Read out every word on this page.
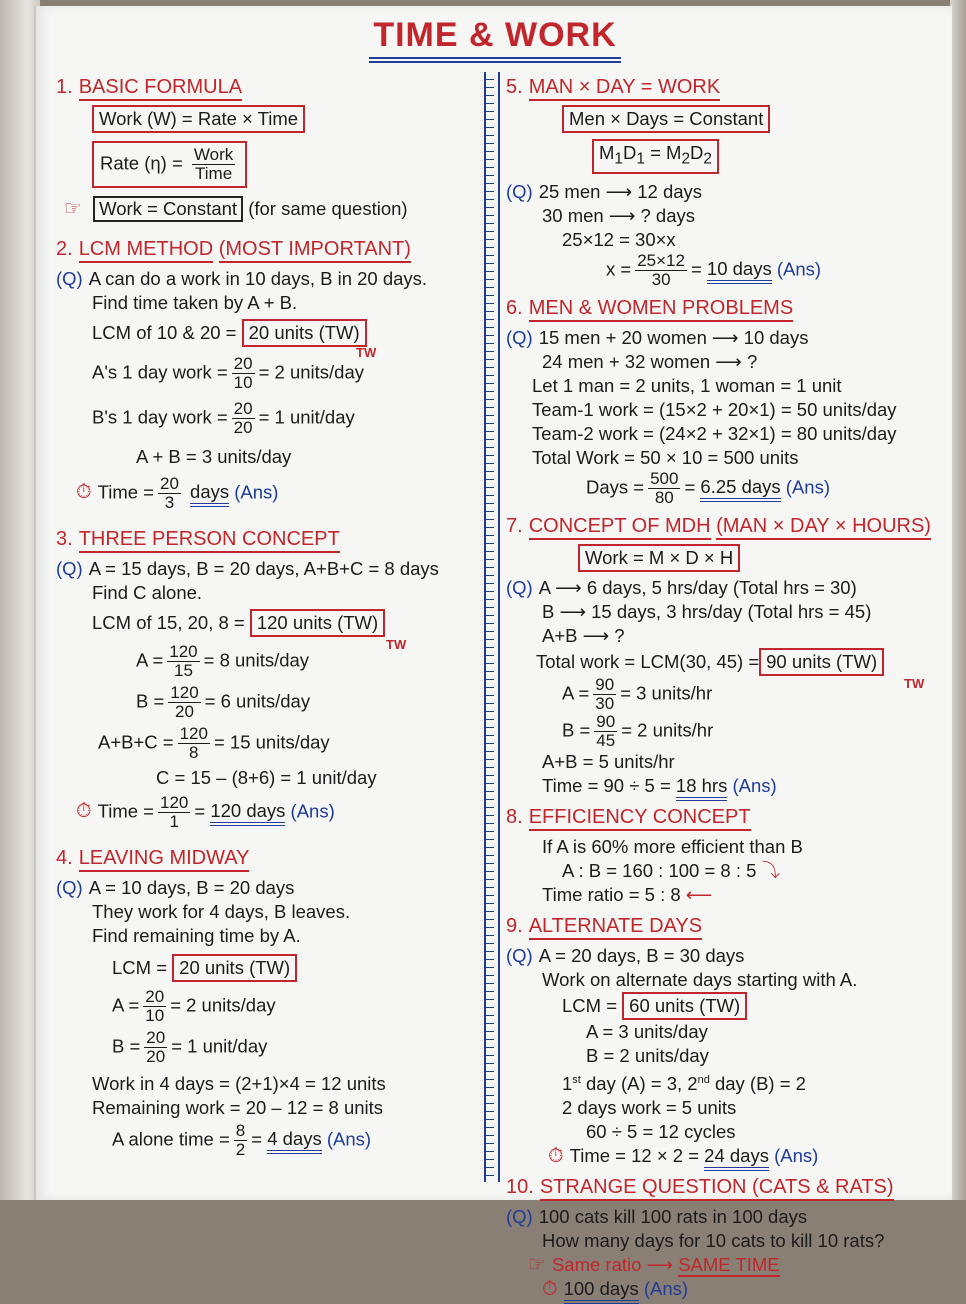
TIME & WORK
1. BASIC FORMULA
Work (W) = Rate × Time
Rate $(\eta) = \frac{\text{Work}}{\text{Time}}$
☞ Work = Constant (for same question)
2. LCM METHOD (MOST IMPORTANT)
(Q) A can do a work in 10 days, B in 20 days.
Find time taken by A + B.
LCM of 10 & 20 = 20 units (TW)
TW
A's 1 day work = $\frac{20}{10} = 2$ units/day
B's 1 day work = $\frac{20}{20} = 1$ unit/day
A + B = 3 units/day
⏱ Time = $\frac{20}{3}$ days (Ans)
3. THREE PERSON CONCEPT
(Q) A = 15 days, B = 20 days, A+B+C = 8 days
Find C alone.
LCM of 15, 20, 8 = 120 units (TW)
TW
$A = \frac{120}{15} = 8$ units/day
$B = \frac{120}{20} = 6$ units/day
$A+B+C = \frac{120}{8} = 15$ units/day
C = 15 – (8+6) = 1 unit/day
⏱ Time = $\frac{120}{1} = 120$ days (Ans)
4. LEAVING MIDWAY
(Q) A = 10 days, B = 20 days
They work for 4 days, B leaves.
Find remaining time by A.
LCM = 20 units (TW)
$A = \frac{20}{10} = 2$ units/day
$B = \frac{20}{20} = 1$ unit/day
Work in 4 days = (2+1)×4 = 12 units
Remaining work = 20 – 12 = 8 units
A alone time = $\frac{8}{2} = 4$ days (Ans)
5. MAN × DAY = WORK
Men × Days = Constant
$M_1D_1 = M_2D_2$
(Q) 25 men ⟶ 12 days
30 men ⟶ ? days
25×12 = 30×x
$x = \frac{25\times 12}{30} = 10$ days (Ans)
6. MEN & WOMEN PROBLEMS
(Q) 15 men + 20 women ⟶ 10 days
24 men + 32 women ⟶ ?
Let 1 man = 2 units, 1 woman = 1 unit
Team-1 work = (15×2 + 20×1) = 50 units/day
Team-2 work = (24×2 + 32×1) = 80 units/day
Total Work = 50 × 10 = 500 units
Days = $\frac{500}{80} = 6.25$ days (Ans)
7. CONCEPT OF MDH (MAN × DAY × HOURS)
Work = M × D × H
(Q) A ⟶ 6 days, 5 hrs/day (Total hrs = 30)
B ⟶ 15 days, 3 hrs/day (Total hrs = 45)
A+B ⟶ ?
Total work = LCM(30, 45) = 90 units (TW)
TW
$A = \frac{90}{30} = 3$ units/hr
$B = \frac{90}{45} = 2$ units/hr
A+B = 5 units/hr
Time = 90 ÷ 5 = 18 hrs (Ans)
8. EFFICIENCY CONCEPT
If A is 60% more efficient than B
A : B = 160 : 100 = 8 : 5 ⤵
Time ratio = 5 : 8 ⟵
9. ALTERNATE DAYS
(Q) A = 20 days, B = 30 days
Work on alternate days starting with A.
LCM = 60 units (TW)
A = 3 units/day
B = 2 units/day
1st day (A) = 3, 2nd day (B) = 2
2 days work = 5 units
60 ÷ 5 = 12 cycles
⏱ Time = 12 × 2 = 24 days (Ans)
10. STRANGE QUESTION (CATS & RATS)
(Q) 100 cats kill 100 rats in 100 days
How many days for 10 cats to kill 10 rats?
☞ Same ratio ⟶ SAME TIME
⏱ 100 days (Ans)
